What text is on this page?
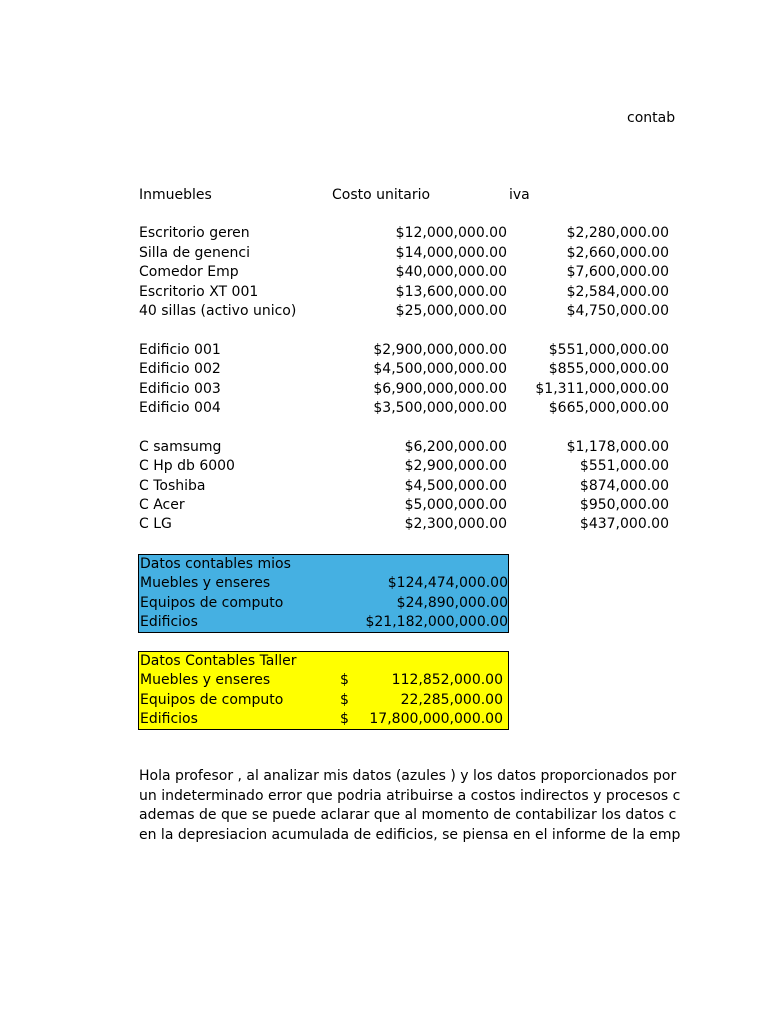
contab
Inmuebles	Costo unitario	iva
Escritorio geren	$12,000,000.00	$2,280,000.00
Silla de genenci	$14,000,000.00	$2,660,000.00
Comedor Emp	$40,000,000.00	$7,600,000.00
Escritorio XT 001	$13,600,000.00	$2,584,000.00
40 sillas (activo unico)	$25,000,000.00	$4,750,000.00
Edificio 001	$2,900,000,000.00	$551,000,000.00
Edificio 002	$4,500,000,000.00	$855,000,000.00
Edificio 003	$6,900,000,000.00 $1,311,000,000.00
Edificio 004	$3,500,000,000.00	$665,000,000.00
C samsumg	$6,200,000.00	$1,178,000.00
C Hp db 6000	$2,900,000.00	$551,000.00
C Toshiba	$4,500,000.00	$874,000.00
C Acer	$5,000,000.00	$950,000.00
C LG	$2,300,000.00	$437,000.00
Datos contables mios
Muebles y enseres	$124,474,000.00
Equipos de computo	$24,890,000.00
Edificios	$21,182,000,000.00
Datos Contables Taller
Muebles y enseres	$	112,852,000.00
Equipos de computo	$	22,285,000.00
Edificios	$ 17,800,000,000.00
Hola profesor , al analizar mis datos (azules ) y los datos proporcionados por
un indeterminado error que podria atribuirse a costos indirectos y procesos c
ademas de que se puede aclarar que al momento de contabilizar los datos c
en la depresiacion acumulada de edificios, se piensa en el informe de la emp
